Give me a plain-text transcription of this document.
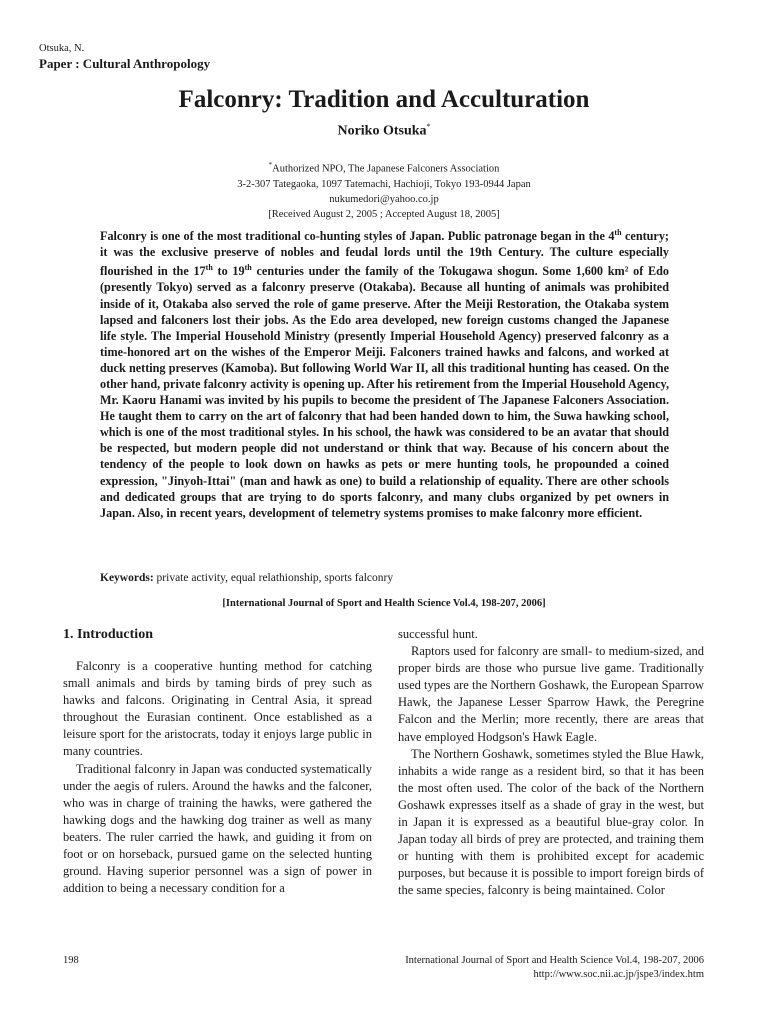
Otsuka, N.
Paper : Cultural Anthropology
Falconry: Tradition and Acculturation
Noriko Otsuka*
*Authorized NPO, The Japanese Falconers Association
3-2-307 Tategaoka, 1097 Tatemachi, Hachioji, Tokyo 193-0944 Japan
nukumedori@yahoo.co.jp
[Received August 2, 2005 ; Accepted August 18, 2005]
Falconry is one of the most traditional co-hunting styles of Japan. Public patronage began in the 4th century; it was the exclusive preserve of nobles and feudal lords until the 19th Century. The culture especially flourished in the 17th to 19th centuries under the family of the Tokugawa shogun. Some 1,600 km² of Edo (presently Tokyo) served as a falconry preserve (Otakaba). Because all hunting of animals was prohibited inside of it, Otakaba also served the role of game preserve. After the Meiji Restoration, the Otakaba system lapsed and falconers lost their jobs. As the Edo area developed, new foreign customs changed the Japanese life style. The Imperial Household Ministry (presently Imperial Household Agency) preserved falconry as a time-honored art on the wishes of the Emperor Meiji. Falconers trained hawks and falcons, and worked at duck netting preserves (Kamoba). But following World War II, all this traditional hunting has ceased. On the other hand, private falconry activity is opening up. After his retirement from the Imperial Household Agency, Mr. Kaoru Hanami was invited by his pupils to become the president of The Japanese Falconers Association. He taught them to carry on the art of falconry that had been handed down to him, the Suwa hawking school, which is one of the most traditional styles. In his school, the hawk was considered to be an avatar that should be respected, but modern people did not understand or think that way. Because of his concern about the tendency of the people to look down on hawks as pets or mere hunting tools, he propounded a coined expression, "Jinyoh-Ittai" (man and hawk as one) to build a relationship of equality. There are other schools and dedicated groups that are trying to do sports falconry, and many clubs organized by pet owners in Japan. Also, in recent years, development of telemetry systems promises to make falconry more efficient.
Keywords: private activity, equal relathionship, sports falconry
[International Journal of Sport and Health Science Vol.4, 198-207, 2006]
1. Introduction

Falconry is a cooperative hunting method for catching small animals and birds by taming birds of prey such as hawks and falcons. Originating in Central Asia, it spread throughout the Eurasian continent. Once established as a leisure sport for the aristocrats, today it enjoys large public in many countries.

Traditional falconry in Japan was conducted systematically under the aegis of rulers. Around the hawks and the falconer, who was in charge of training the hawks, were gathered the hawking dogs and the hawking dog trainer as well as many beaters. The ruler carried the hawk, and guiding it from on foot or on horseback, pursued game on the selected hunting ground. Having superior personnel was a sign of power in addition to being a necessary condition for a

successful hunt.

Raptors used for falconry are small- to medium-sized, and proper birds are those who pursue live game. Traditionally used types are the Northern Goshawk, the European Sparrow Hawk, the Japanese Lesser Sparrow Hawk, the Peregrine Falcon and the Merlin; more recently, there are areas that have employed Hodgson's Hawk Eagle.

The Northern Goshawk, sometimes styled the Blue Hawk, inhabits a wide range as a resident bird, so that it has been the most often used. The color of the back of the Northern Goshawk expresses itself as a shade of gray in the west, but in Japan it is expressed as a beautiful blue-gray color. In Japan today all birds of prey are protected, and training them or hunting with them is prohibited except for academic purposes, but because it is possible to import foreign birds of the same species, falconry is being maintained. Color

198	International Journal of Sport and Health Science Vol.4, 198-207, 2006
http://www.soc.nii.ac.jp/jspe3/index.htm
